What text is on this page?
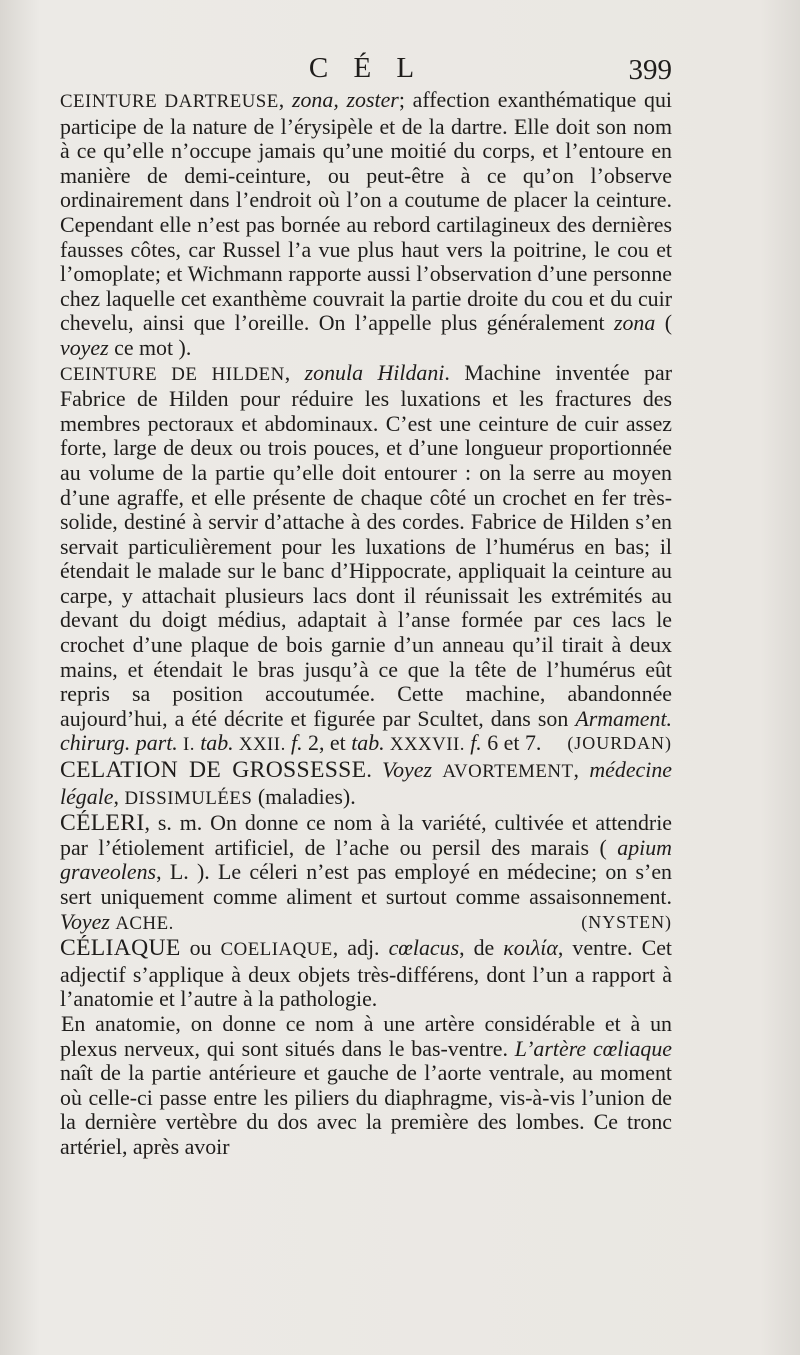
C É L	399

CEINTURE DARTREUSE, zona, zoster; affection exanthématique qui participe de la nature de l’érysipèle et de la dartre. Elle doit son nom à ce qu’elle n’occupe jamais qu’une moitié du corps, et l’entoure en manière de demi-ceinture, ou peut-être à ce qu’on l’observe ordinairement dans l’endroit où l’on a coutume de placer la ceinture. Cependant elle n’est pas bornée au rebord cartilagineux des dernières fausses côtes, car Russel l’a vue plus haut vers la poitrine, le cou et l’omoplate; et Wichmann rapporte aussi l’observation d’une personne chez laquelle cet exanthème couvrait la partie droite du cou et du cuir chevelu, ainsi que l’oreille. On l’appelle plus généralement zona ( voyez ce mot ).

CEINTURE DE HILDEN, zonula Hildani. Machine inventée par Fabrice de Hilden pour réduire les luxations et les fractures des membres pectoraux et abdominaux. C’est une ceinture de cuir assez forte, large de deux ou trois pouces, et d’une longueur proportionnée au volume de la partie qu’elle doit entourer : on la serre au moyen d’une agraffe, et elle présente de chaque côté un crochet en fer très-solide, destiné à servir d’attache à des cordes. Fabrice de Hilden s’en servait particulièrement pour les luxations de l’humérus en bas; il étendait le malade sur le banc d’Hippocrate, appliquait la ceinture au carpe, y attachait plusieurs lacs dont il réunissait les extrémités au devant du doigt médius, adaptait à l’anse formée par ces lacs le crochet d’une plaque de bois garnie d’un anneau qu’il tirait à deux mains, et étendait le bras jusqu’à ce que la tête de l’humérus eût repris sa position accoutumée. Cette machine, abandonnée aujourd’hui, a été décrite et figurée par Scultet, dans son Armament. chirurg. part. I. tab. XXII. f. 2, et tab. XXXVII. f. 6 et 7. (JOURDAN)

CELATION DE GROSSESSE. Voyez AVORTEMENT, médecine légale, DISSIMULÉES (maladies).

CÉLERI, s. m. On donne ce nom à la variété, cultivée et attendrie par l’étiolement artificiel, de l’ache ou persil des marais ( apium graveolens, L. ). Le céleri n’est pas employé en médecine; on s’en sert uniquement comme aliment et surtout comme assaisonnement. Voyez ACHE.	(NYSTEN)

CÉLIAQUE ou COELIAQUE, adj. cœlacus, de κοιλία, ventre. Cet adjectif s’applique à deux objets très-différens, dont l’un a rapport à l’anatomie et l’autre à la pathologie.

En anatomie, on donne ce nom à une artère considérable et à un plexus nerveux, qui sont situés dans le bas-ventre. L’artère cœliaque naît de la partie antérieure et gauche de l’aorte ventrale, au moment où celle-ci passe entre les piliers du diaphragme, vis-à-vis l’union de la dernière vertèbre du dos avec la première des lombes. Ce tronc artériel, après avoir
